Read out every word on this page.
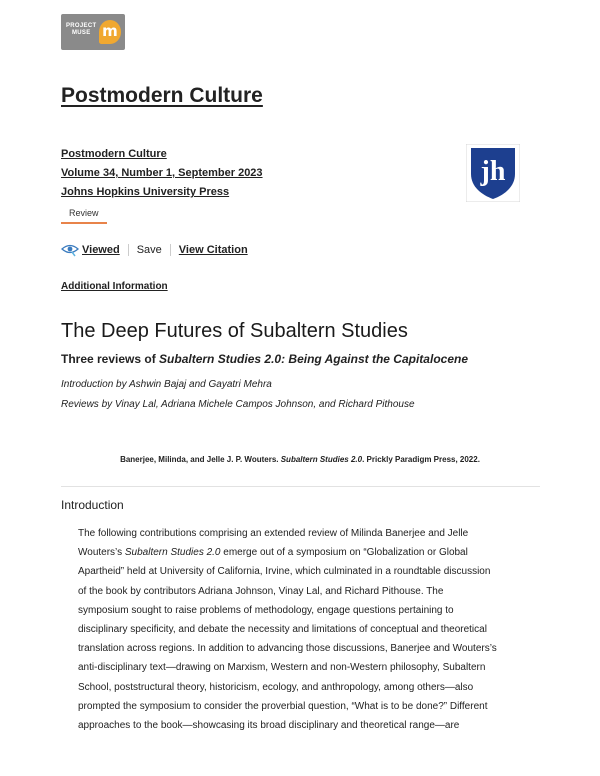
PROJECT
MUSE m
Postmodern Culture
Postmodern Culture
Volume 34, Number 1, September 2023
Johns Hopkins University Press
jh
Review
Viewed Save View Citation
Additional Information
The Deep Futures of Subaltern Studies
Three reviews of Subaltern Studies 2.0: Being Against the Capitalocene
Introduction by Ashwin Bajaj and Gayatri Mehra
Reviews by Vinay Lal, Adriana Michele Campos Johnson, and Richard Pithouse
Banerjee, Milinda, and Jelle J. P. Wouters. Subaltern Studies 2.0. Prickly Paradigm Press, 2022.
Introduction

The following contributions comprising an extended review of Milinda Banerjee and Jelle
Wouters’s Subaltern Studies 2.0 emerge out of a symposium on “Globalization or Global
Apartheid” held at University of California, Irvine, which culminated in a roundtable discussion
of the book by contributors Adriana Johnson, Vinay Lal, and Richard Pithouse. The
symposium sought to raise problems of methodology, engage questions pertaining to
disciplinary specificity, and debate the necessity and limitations of conceptual and theoretical
translation across regions. In addition to advancing those discussions, Banerjee and Wouters’s
anti-disciplinary text—drawing on Marxism, Western and non-Western philosophy, Subaltern
School, poststructural theory, historicism, ecology, and anthropology, among others—also
prompted the symposium to consider the proverbial question, “What is to be done?” Different
approaches to the book—showcasing its broad disciplinary and theoretical range—are
